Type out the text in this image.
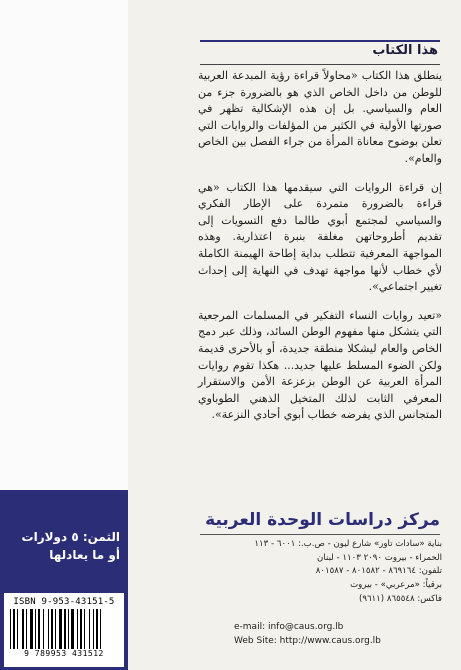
الثمن: ٥ دولارات
أو ما يعادلها
ISBN 9-953-43151-5
9 789953 431512
هذا الكتاب

ينطلق هذا الكتاب «محاولاً قراءة رؤية المبدعة العربية للوطن من داخل الخاص الذي هو بالضرورة جزء من العام والسياسي. بل إن هذه الإشكالية تظهر في صورتها الأولية في الكثير من المؤلفات والروايات التي تعلن بوضوح معاناة المرأة من جراء الفصل بين الخاص والعام».

إن قراءة الروايات التي سيقدمها هذا الكتاب «هي قراءة بالضرورة متمردة على الإطار الفكري والسياسي لمجتمع أبوي طالما دفع التسويات إلى تقديم أطروحاتهن مغلفة بنبرة اعتذارية. وهذه المواجهة المعرفية تتطلب بداية إطاحة الهيمنة الكاملة لأي خطاب لأنها مواجهة تهدف في النهاية إلى إحداث تغيير اجتماعي».

«تعيد روايات النساء التفكير في المسلمات المرجعية التي يتشكل منها مفهوم الوطن السائد، وذلك عبر دمج الخاص والعام ليشكلا منطقة جديدة، أو بالأحرى قديمة ولكن الضوء المسلط عليها جديد... هكذا تقوم روايات المرأة العربية عن الوطن بزعزعة الأمن والاستقرار المعرفي الثابت لذلك المتخيل الذهني الطوباوي المتجانس الذي يفرضه خطاب أبوي أحادي النزعة».

مركز دراسات الوحدة العربية
بناية «سادات تاور» شارع ليون - ص.ب.: ٦٠٠١ - ١١٣
الحمراء - بيروت ٢٠٩٠ ١١٠٣ - لبنان
تلفون: ٨٦٩١٦٤ - ٨٠١٥٨٢ - ٨٠١٥٨٧
برقياً: «مرعربي» - بيروت
فاكس: ٨٦٥٥٤٨ (٩٦١١)
e-mail: info@caus.org.lb
Web Site: http://www.caus.org.lb
